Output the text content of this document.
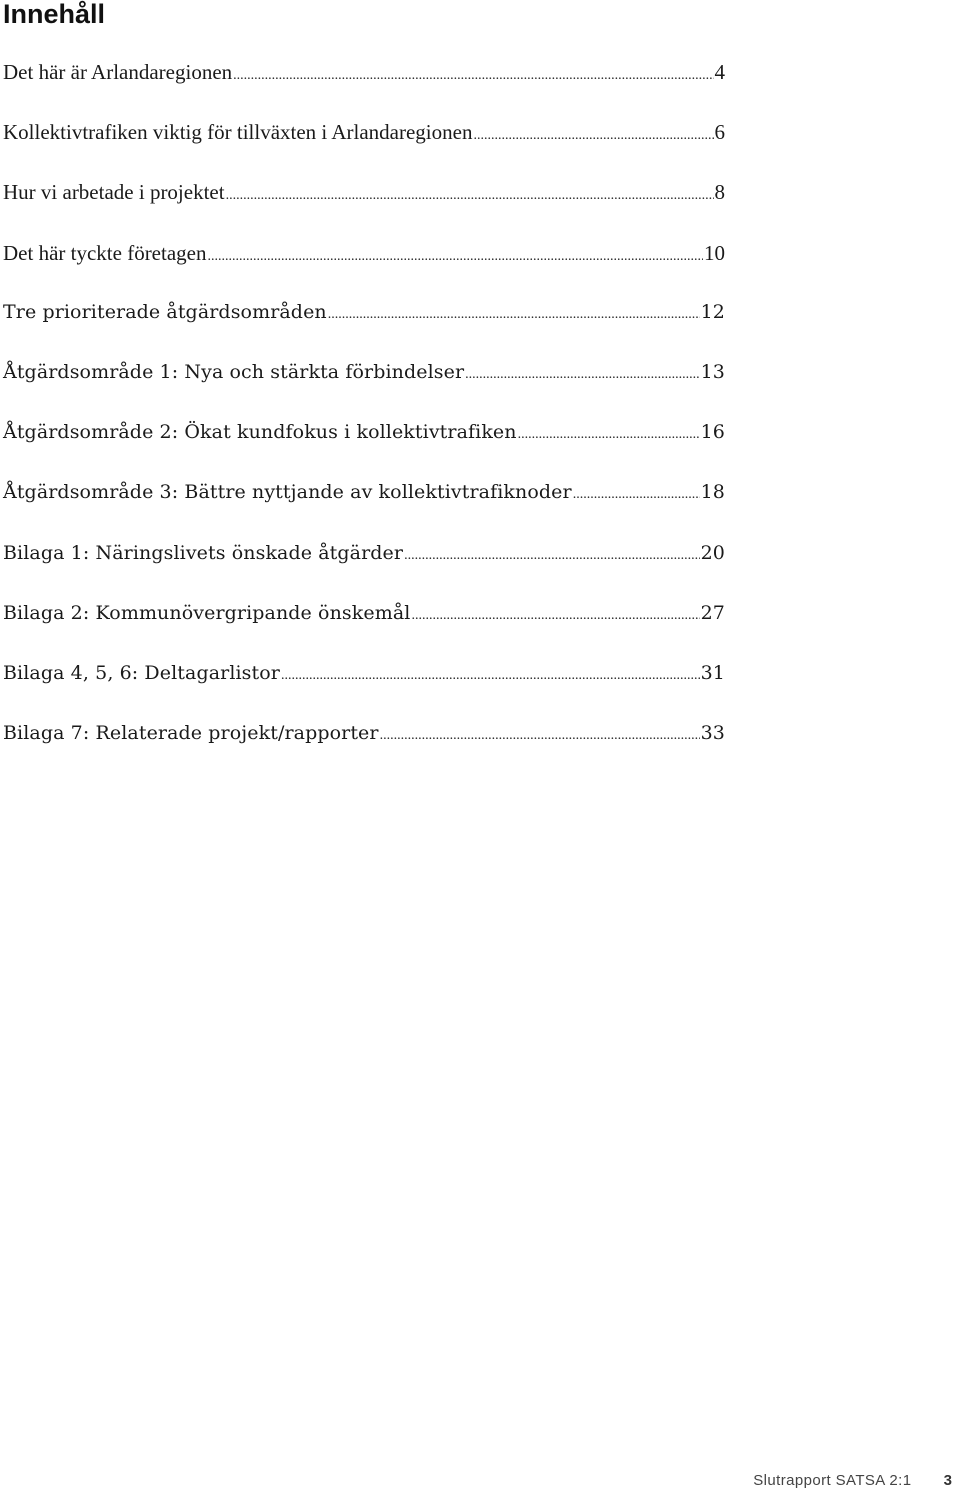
Innehåll
Det här är Arlandaregionen .....	4
Kollektivtrafiken viktig för tillväxten i Arlandaregionen .....	6
Hur vi arbetade i projektet .....	8
Det här tyckte företagen .....	10
Tre prioriterade åtgärdsområden .....	12
Åtgärdsområde 1: Nya och stärkta förbindelser .....	13
Åtgärdsområde 2: Ökat kundfokus i kollektivtrafiken .....	16
Åtgärdsområde 3: Bättre nyttjande av kollektivtrafiknoder .....	18
Bilaga 1: Näringslivets önskade åtgärder .....	20
Bilaga 2: Kommunövergripande önskemål .....	27
Bilaga 4, 5, 6: Deltagarlistor .....	31
Bilaga 7: Relaterade projekt/rapporter .....	33
Slutrapport SATSA 2:1 3
